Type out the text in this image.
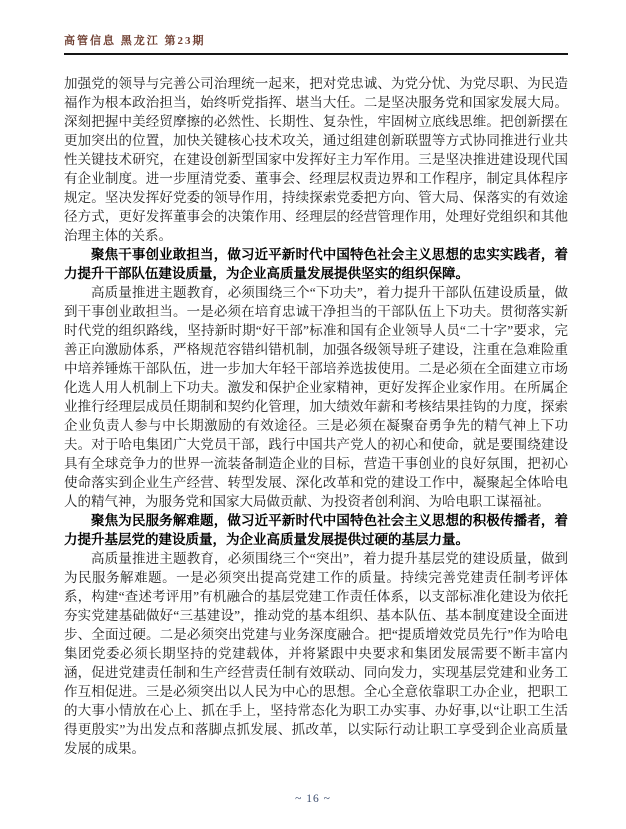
高管信息 黑龙江 第23期

加强党的领导与完善公司治理统一起来，把对党忠诚、为党分忧、为党尽职、为民造福作为根本政治担当，始终听党指挥、堪当大任。二是坚决服务党和国家发展大局。深刻把握中美经贸摩擦的必然性、长期性、复杂性，牢固树立底线思维。把创新摆在更加突出的位置，加快关键核心技术攻关，通过组建创新联盟等方式协同推进行业共性关键技术研究，在建设创新型国家中发挥好主力军作用。三是坚决推进建设现代国有企业制度。进一步厘清党委、董事会、经理层权责边界和工作程序，制定具体程序规定。坚决发挥好党委的领导作用，持续探索党委把方向、管大局、保落实的有效途径方式，更好发挥董事会的决策作用、经理层的经营管理作用，处理好党组织和其他治理主体的关系。

聚焦干事创业敢担当，做习近平新时代中国特色社会主义思想的忠实实践者，着力提升干部队伍建设质量，为企业高质量发展提供坚实的组织保障。

高质量推进主题教育，必须围绕三个“下功夫”，着力提升干部队伍建设质量，做到干事创业敢担当。一是必须在培育忠诚干净担当的干部队伍上下功夫。贯彻落实新时代党的组织路线，坚持新时期“好干部”标准和国有企业领导人员“二十字”要求，完善正向激励体系，严格规范容错纠错机制，加强各级领导班子建设，注重在急难险重中培养锤炼干部队伍，进一步加大年轻干部培养选拔使用。二是必须在全面建立市场化选人用人机制上下功夫。激发和保护企业家精神，更好发挥企业家作用。在所属企业推行经理层成员任期制和契约化管理，加大绩效年薪和考核结果挂钩的力度，探索企业负责人参与中长期激励的有效途径。三是必须在凝聚奋勇争先的精气神上下功夫。对于哈电集团广大党员干部，践行中国共产党人的初心和使命，就是要围绕建设具有全球竞争力的世界一流装备制造企业的目标，营造干事创业的良好氛围，把初心使命落实到企业生产经营、转型发展、深化改革和党的建设工作中，凝聚起全体哈电人的精气神，为服务党和国家大局做贡献、为投资者创利润、为哈电职工谋福祉。

聚焦为民服务解难题，做习近平新时代中国特色社会主义思想的积极传播者，着力提升基层党的建设质量，为企业高质量发展提供过硬的基层力量。

高质量推进主题教育，必须围绕三个“突出”，着力提升基层党的建设质量，做到为民服务解难题。一是必须突出提高党建工作的质量。持续完善党建责任制考评体系，构建“查述考评用”有机融合的基层党建工作责任体系，以支部标准化建设为依托夯实党建基础做好“三基建设”，推动党的基本组织、基本队伍、基本制度建设全面进步、全面过硬。二是必须突出党建与业务深度融合。把“提质增效党员先行”作为哈电集团党委必须长期坚持的党建载体，并将紧跟中央要求和集团发展需要不断丰富内涵，促进党建责任制和生产经营责任制有效联动、同向发力，实现基层党建和业务工作互相促进。三是必须突出以人民为中心的思想。全心全意依靠职工办企业，把职工的大事小情放在心上、抓在手上，坚持常态化为职工办实事、办好事,以“让职工生活得更殷实”为出发点和落脚点抓发展、抓改革，以实际行动让职工享受到企业高质量发展的成果。

~ 16 ~
